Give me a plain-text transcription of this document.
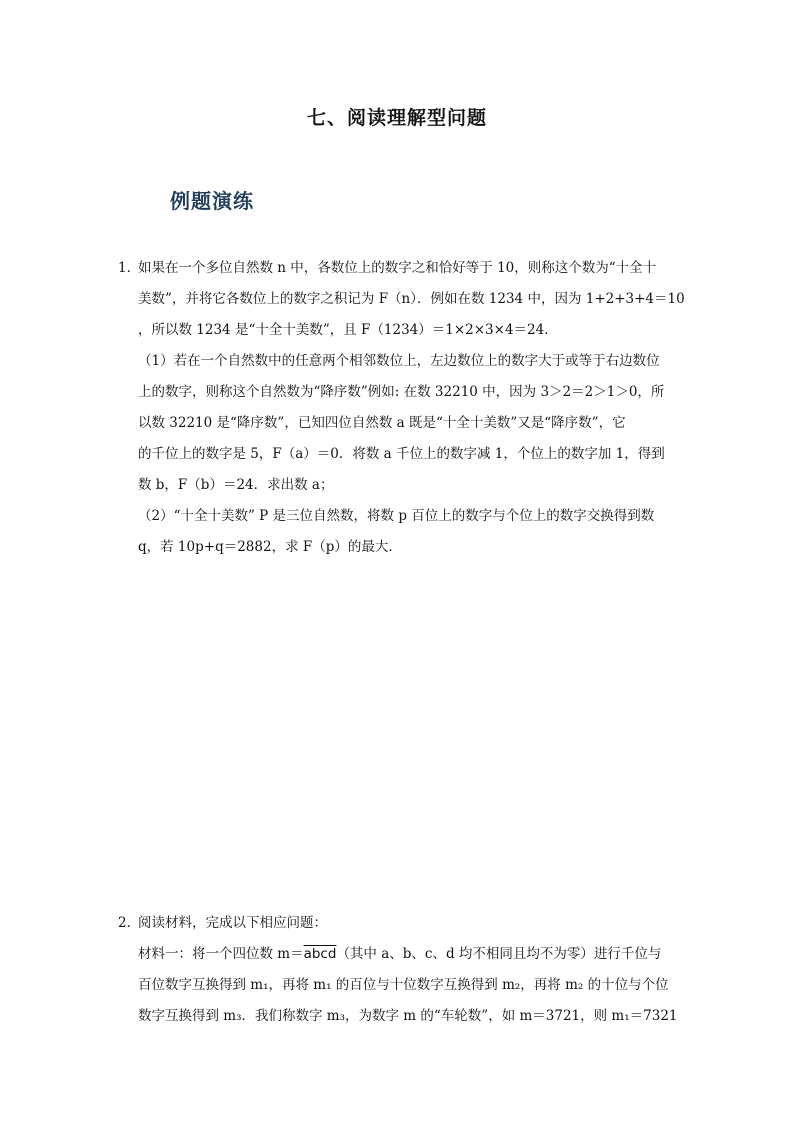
七、阅读理解型问题
例题演练
1．如果在一个多位自然数 n 中，各数位上的数字之和恰好等于 10，则称这个数为“十全十
美数”，并将它各数位上的数字之积记为 F（n）．例如在数 1234 中，因为 1+2+3+4＝10
，所以数 1234 是“十全十美数”，且 F（1234）＝1×2×3×4＝24．
（1）若在一个自然数中的任意两个相邻数位上，左边数位上的数字大于或等于右边数位
上的数字，则称这个自然数为“降序数”例如: 在数 32210 中，因为 3＞2＝2＞1＞0，所
以数 32210 是“降序数”，已知四位自然数 a 既是“十全十美数”又是“降序数”，它
的千位上的数字是 5，F（a）＝0．将数 a 千位上的数字减 1，个位上的数字加 1，得到
数 b，F（b）＝24．求出数 a；
（2）“十全十美数” P 是三位自然数，将数 p 百位上的数字与个位上的数字交换得到数
q，若 10p+q＝2882，求 F（p）的最大．
2．阅读材料，完成以下相应问题：
材料一：将一个四位数 m＝abcd（其中 a、b、c、d 均不相同且均不为零）进行千位与
百位数字互换得到 m₁，再将 m₁ 的百位与十位数字互换得到 m₂，再将 m₂ 的十位与个位
数字互换得到 m₃．我们称数字 m₃，为数字 m 的“车轮数”，如 m＝3721，则 m₁＝7321
